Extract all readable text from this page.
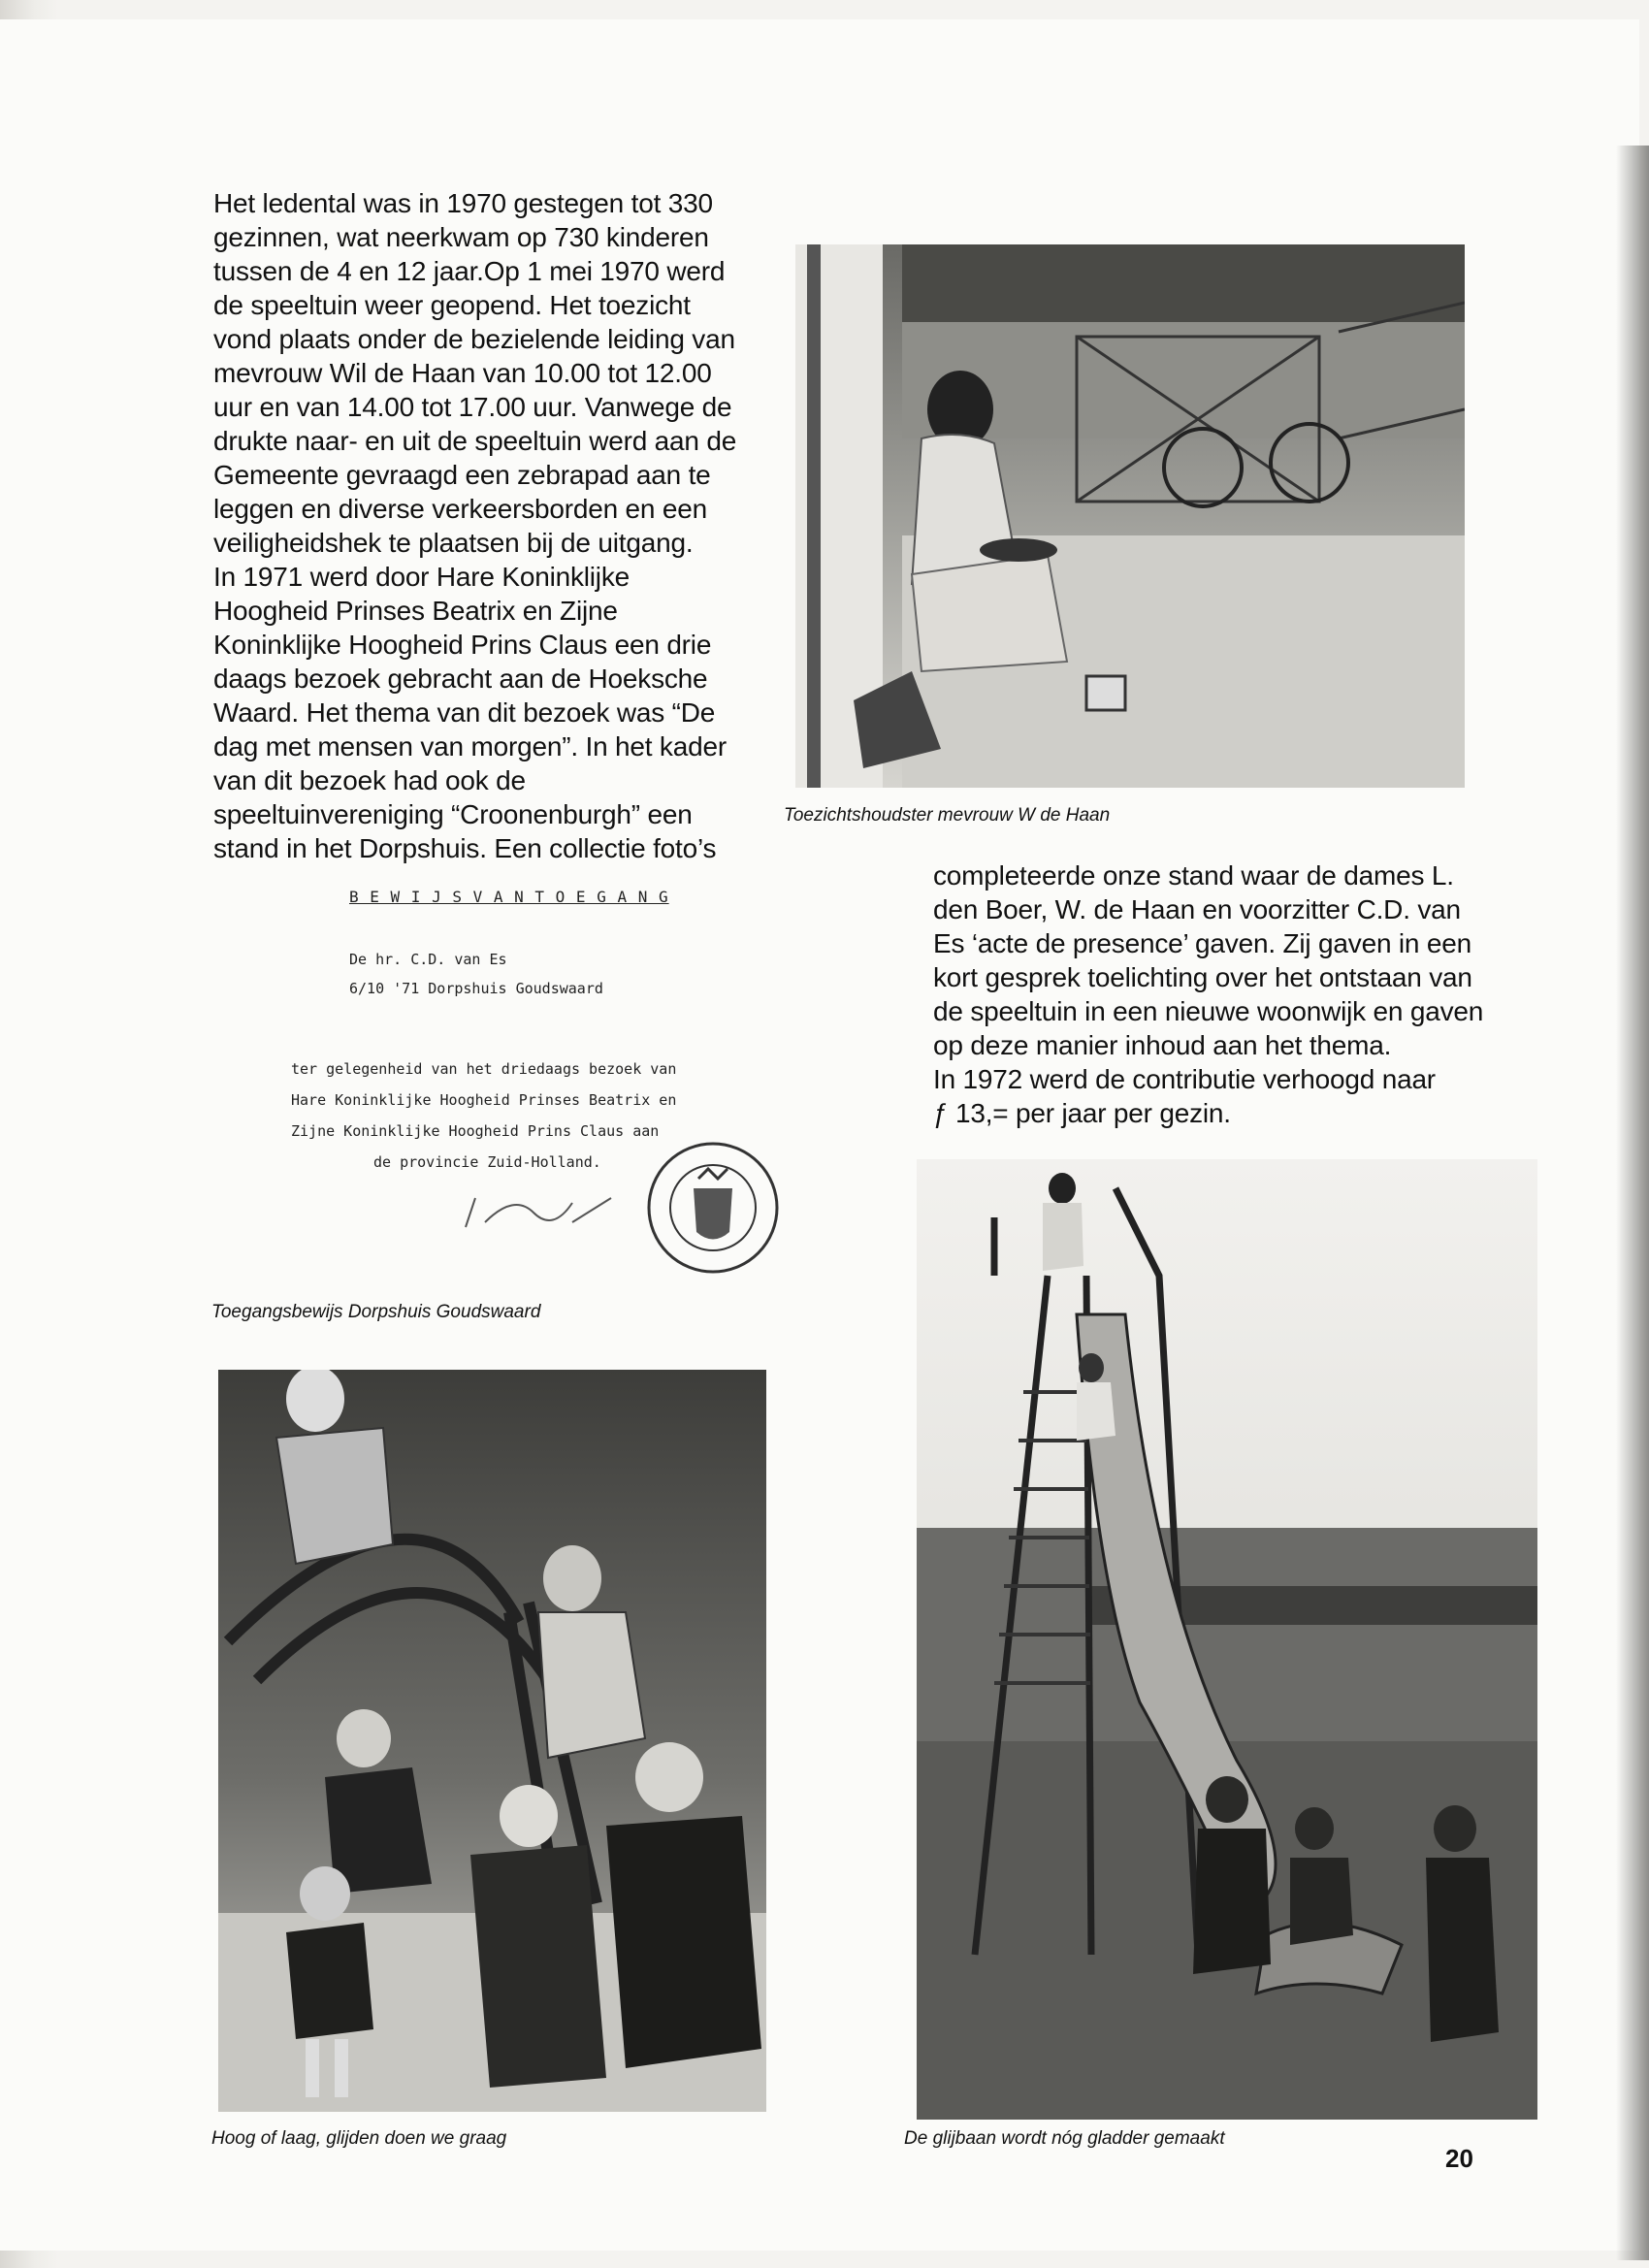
Het ledental was in 1970 gestegen tot 330
gezinnen, wat neerkwam op 730 kinderen
tussen de 4 en 12 jaar.Op 1 mei 1970 werd
de speeltuin weer geopend. Het toezicht
vond plaats onder de bezielende leiding van
mevrouw Wil de Haan van 10.00 tot 12.00
uur en van 14.00 tot 17.00 uur. Vanwege de
drukte naar- en uit de speeltuin werd aan de
Gemeente gevraagd een zebrapad aan te
leggen en diverse verkeersborden en een
veiligheidshek te plaatsen bij de uitgang.
In 1971 werd door Hare Koninklijke
Hoogheid Prinses Beatrix en Zijne
Koninklijke Hoogheid Prins Claus een drie
daags bezoek gebracht aan de Hoeksche
Waard. Het thema van dit bezoek was “De
dag met mensen van morgen”. In het kader
van dit bezoek had ook de
speeltuinvereniging “Croonenburgh” een
stand in het Dorpshuis. Een collectie foto’s

Toezichtshoudster mevrouw W de Haan

completeerde onze stand waar de dames L.
den Boer, W. de Haan en voorzitter C.D. van
Es ‘acte de presence’ gaven. Zij gaven in een
kort gesprek toelichting over het ontstaan van
de speeltuin in een nieuwe woonwijk en gaven
op deze manier inhoud aan het thema.
In 1972 werd de contributie verhoogd naar
ƒ 13,= per jaar per gezin.

B E W I J S V A N T O E G A N G
De hr. C.D. van Es
6/10 '71 Dorpshuis Goudswaard
ter gelegenheid van het driedaags bezoek van
Hare Koninklijke Hoogheid Prinses Beatrix en
Zijne Koninklijke Hoogheid Prins Claus aan
de provincie Zuid-Holland.
Toegangsbewijs Dorpshuis Goudswaard
Hoog of laag, glijden doen we graag	De glijbaan wordt nóg gladder gemaakt
20
